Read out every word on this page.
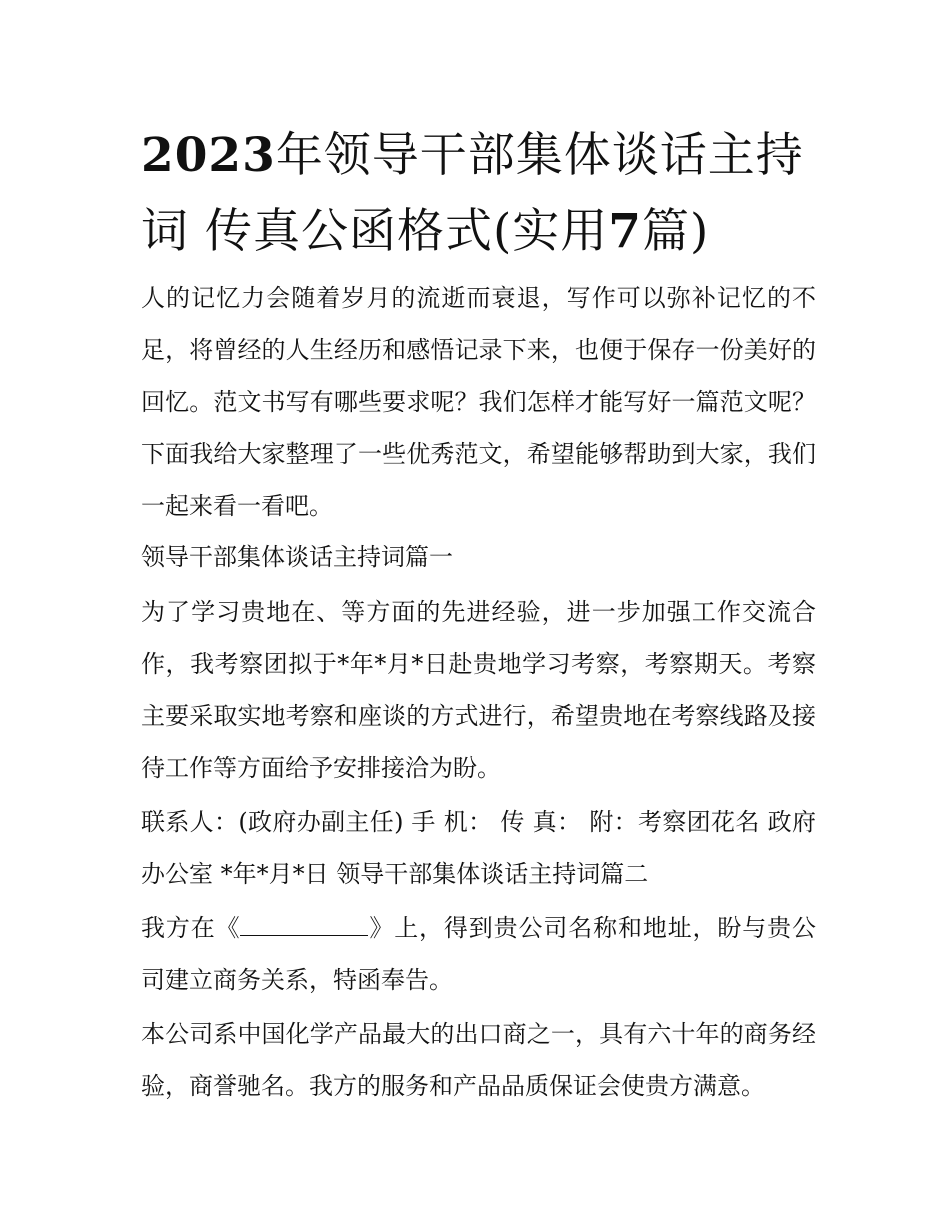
2023年领导干部集体谈话主持
词 传真公函格式(实用7篇)

人的记忆力会随着岁月的流逝而衰退，写作可以弥补记忆的不足，将曾经的人生经历和感悟记录下来，也便于保存一份美好的回忆。范文书写有哪些要求呢？我们怎样才能写好一篇范文呢？下面我给大家整理了一些优秀范文，希望能够帮助到大家，我们一起来看一看吧。

领导干部集体谈话主持词篇一

为了学习贵地在、等方面的先进经验，进一步加强工作交流合作，我考察团拟于*年*月*日赴贵地学习考察，考察期天。考察主要采取实地考察和座谈的方式进行，希望贵地在考察线路及接待工作等方面给予安排接洽为盼。

联系人：(政府办副主任) 手 机： 传 真： 附：考察团花名 政府办公室 *年*月*日 领导干部集体谈话主持词篇二

我方在《	》上，得到贵公司名称和地址，盼与贵公司建立商务关系，特函奉告。

本公司系中国化学产品最大的出口商之一，具有六十年的商务经验，商誉驰名。我方的服务和产品品质保证会使贵方满意。
